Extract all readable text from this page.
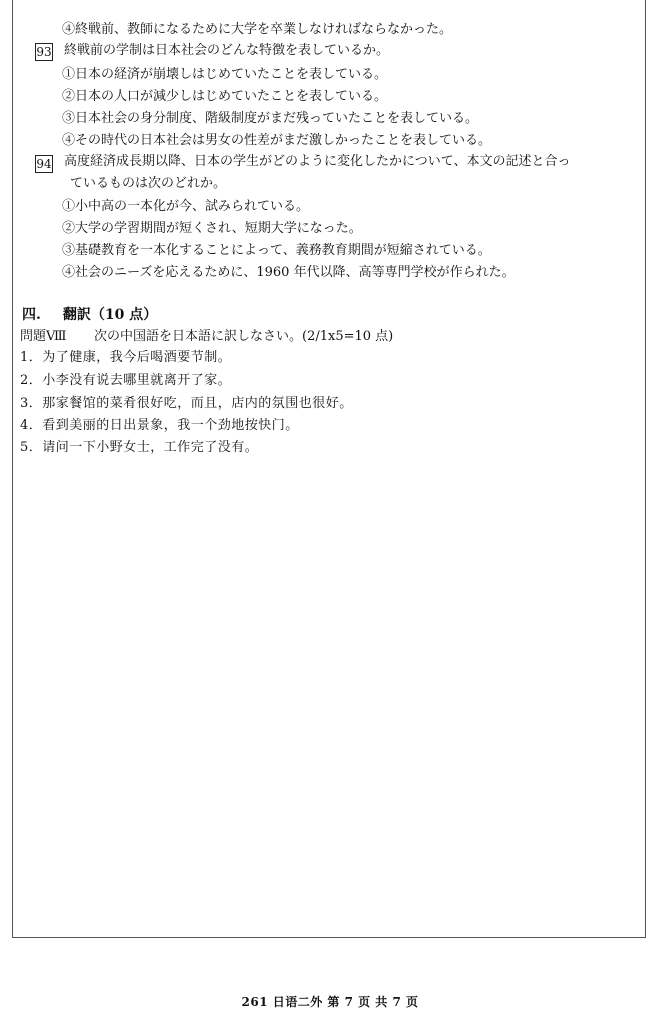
④終戦前、教師になるために大学を卒業しなければならなかった。
93 終戦前の学制は日本社会のどんな特徴を表しているか。
①日本の経済が崩壊しはじめていたことを表している。
②日本の人口が減少しはじめていたことを表している。
③日本社会の身分制度、階級制度がまだ残っていたことを表している。
④その時代の日本社会は男女の性差がまだ激しかったことを表している。
94 高度経済成長期以降、日本の学生がどのように変化したかについて、本文の記述と合っ
ているものは次のどれか。
①小中高の一本化が今、試みられている。
②大学の学習期間が短くされ、短期大学になった。
③基礎教育を一本化することによって、義務教育期間が短縮されている。
④社会のニーズを応えるために、1960 年代以降、高等専門学校が作られた。
四. 翻訳（10 点）
問題Ⅷ 次の中国語を日本語に訳しなさい。(2/1x5=10 点)
1．为了健康，我今后喝酒要节制。
2．小李没有说去哪里就离开了家。
3．那家餐馆的菜肴很好吃，而且，店内的氛围也很好。
4．看到美丽的日出景象，我一个劲地按快门。
5．请问一下小野女士，工作完了没有。
261 日语二外 第 7 页 共 7 页
